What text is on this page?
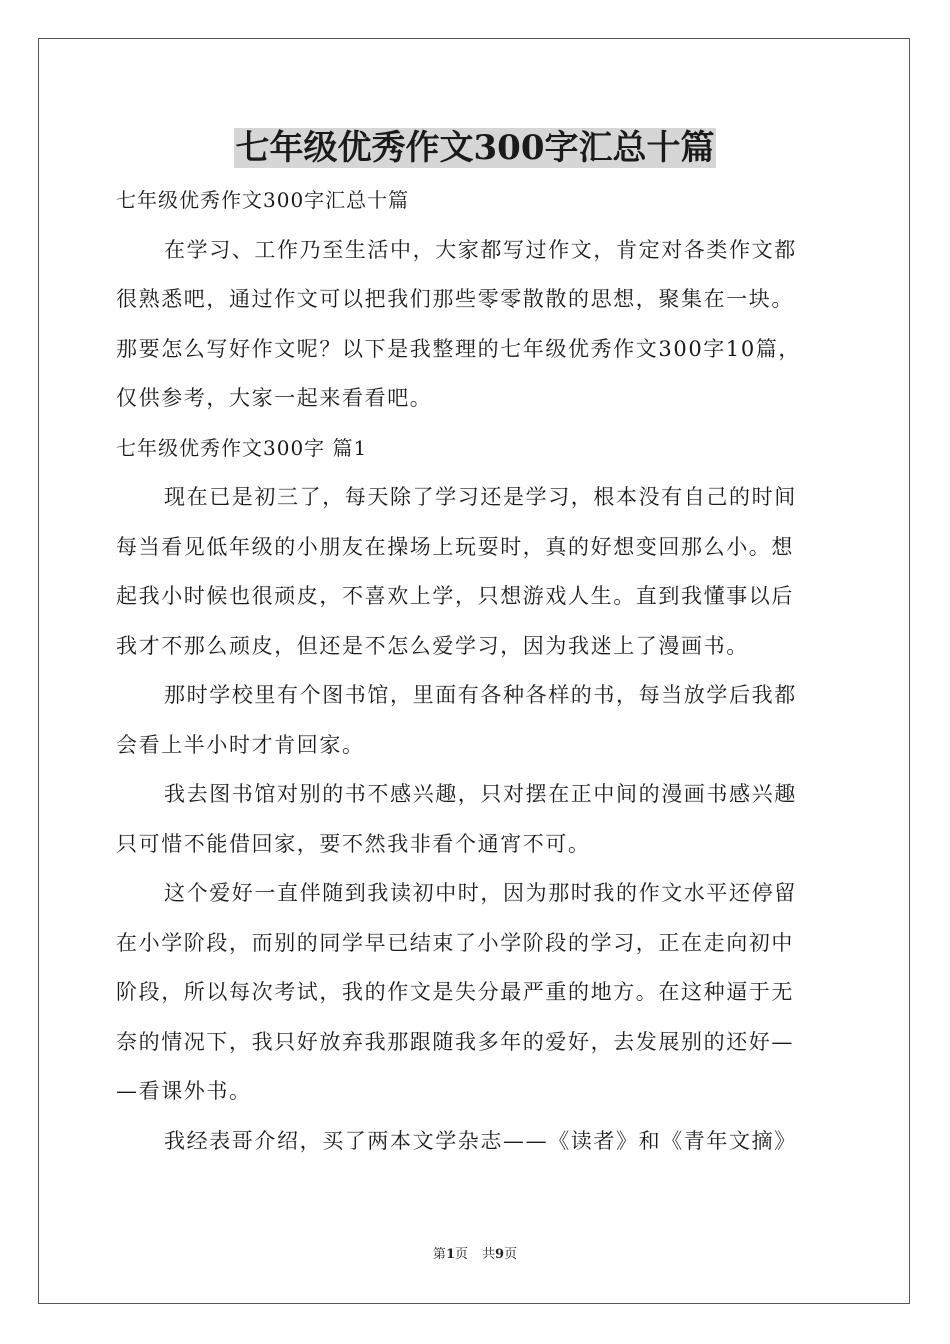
七年级优秀作文300字汇总十篇
七年级优秀作文300字汇总十篇
在学习、工作乃至生活中，大家都写过作文，肯定对各类作文都
很熟悉吧，通过作文可以把我们那些零零散散的思想，聚集在一块。
那要怎么写好作文呢？以下是我整理的七年级优秀作文300字10篇，
仅供参考，大家一起来看看吧。
七年级优秀作文300字 篇1
现在已是初三了，每天除了学习还是学习，根本没有自己的时间
每当看见低年级的小朋友在操场上玩耍时，真的好想变回那么小。想
起我小时候也很顽皮，不喜欢上学，只想游戏人生。直到我懂事以后
我才不那么顽皮，但还是不怎么爱学习，因为我迷上了漫画书。
那时学校里有个图书馆，里面有各种各样的书，每当放学后我都
会看上半小时才肯回家。
我去图书馆对别的书不感兴趣，只对摆在正中间的漫画书感兴趣
只可惜不能借回家，要不然我非看个通宵不可。
这个爱好一直伴随到我读初中时，因为那时我的作文水平还停留
在小学阶段，而别的同学早已结束了小学阶段的学习，正在走向初中
阶段，所以每次考试，我的作文是失分最严重的地方。在这种逼于无
奈的情况下，我只好放弃我那跟随我多年的爱好，去发展别的还好—
—看课外书。
我经表哥介绍，买了两本文学杂志——《读者》和《青年文摘》
第1页 共9页
